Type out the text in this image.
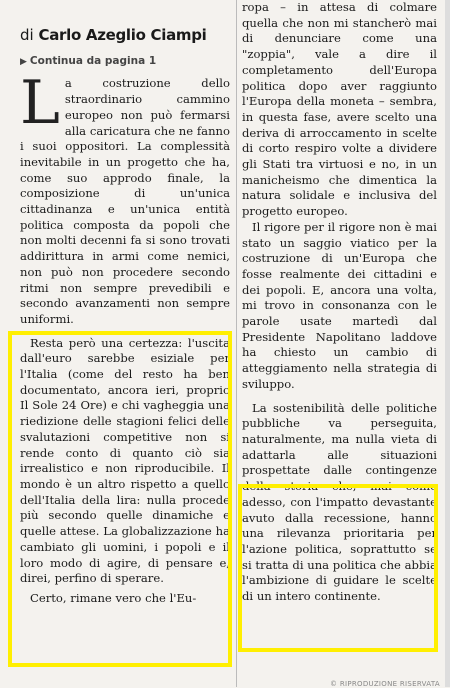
di Carlo Azeglio Ciampi
▶ Continua da pagina 1

La costruzione dello straordinario cammino europeo non può fermarsi alla caricatura che ne fanno i suoi oppositori. La complessità inevitabile in un progetto che ha, come suo approdo finale, la composizione di un'unica cittadinanza e un'unica entità politica composta da popoli che non molti decenni fa si sono trovati addirittura in armi come nemici, non può non procedere secondo ritmi non sempre prevedibili e secondo avanzamenti non sempre uniformi.

Resta però una certezza: l'uscita dall'euro sarebbe esiziale per l'Italia (come del resto ha ben documentato, ancora ieri, proprio Il Sole 24 Ore) e chi vagheggia una riedizione delle stagioni felici delle svalutazioni competitive non si rende conto di quanto ciò sia irrealistico e non riproducibile. Il mondo è un altro rispetto a quello dell'Italia della lira: nulla procede più secondo quelle dinamiche e quelle attese. La globalizzazione ha cambiato gli uomini, i popoli e il loro modo di agire, di pensare e, direi, perfino di sperare.

Certo, rimane vero che l'Eu-

ropa – in attesa di colmare quella che non mi stancherò mai di denunciare come una "zoppia", vale a dire il completamento dell'Europa politica dopo aver raggiunto l'Europa della moneta – sembra, in questa fase, avere scelto una deriva di arroccamento in scelte di corto respiro volte a dividere gli Stati tra virtuosi e no, in un manicheismo che dimentica la natura solidale e inclusiva del progetto europeo.

Il rigore per il rigore non è mai stato un saggio viatico per la costruzione di un'Europa che fosse realmente dei cittadini e dei popoli. E, ancora una volta, mi trovo in consonanza con le parole usate martedì dal Presidente Napolitano laddove ha chiesto un cambio di atteggiamento nella strategia di sviluppo.

La sostenibilità delle politiche pubbliche va perseguita, naturalmente, ma nulla vieta di adattarla alle situazioni prospettate dalle contingenze della storia che, mai come adesso, con l'impatto devastante avuto dalla recessione, hanno una rilevanza prioritaria per l'azione politica, soprattutto se si tratta di una politica che abbia l'ambizione di guidare le scelte di un intero continente.

© RIPRODUZIONE RISERVATA
